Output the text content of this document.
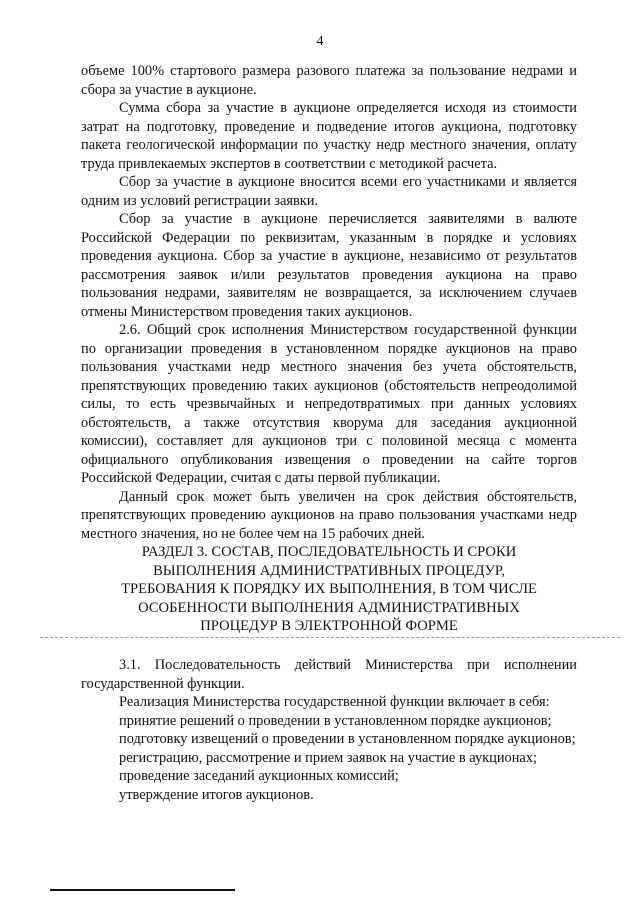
4

объеме 100% стартового размера разового платежа за пользование недрами и сбора за участие в аукционе.

Сумма сбора за участие в аукционе определяется исходя из стоимости затрат на подготовку, проведение и подведение итогов аукциона, подготовку пакета геологической информации по участку недр местного значения, оплату труда привлекаемых экспертов в соответствии с методикой расчета.

Сбор за участие в аукционе вносится всеми его участниками и является одним из условий регистрации заявки.

Сбор за участие в аукционе перечисляется заявителями в валюте Российской Федерации по реквизитам, указанным в порядке и условиях проведения аукциона. Сбор за участие в аукционе, независимо от результатов рассмотрения заявок и/или результатов проведения аукциона на право пользования недрами, заявителям не возвращается, за исключением случаев отмены Министерством проведения таких аукционов.

2.6. Общий срок исполнения Министерством государственной функции по организации проведения в установленном порядке аукционов на право пользования участками недр местного значения без учета обстоятельств, препятствующих проведению таких аукционов (обстоятельств непреодолимой силы, то есть чрезвычайных и непредотвратимых при данных условиях обстоятельств, а также отсутствия кворума для заседания аукционной комиссии), составляет для аукционов три с половиной месяца с момента официального опубликования извещения о проведении на сайте торгов Российской Федерации, считая с даты первой публикации.

Данный срок может быть увеличен на срок действия обстоятельств, препятствующих проведению аукционов на право пользования участками недр местного значения, но не более чем на 15 рабочих дней.

РАЗДЕЛ 3. СОСТАВ, ПОСЛЕДОВАТЕЛЬНОСТЬ И СРОКИ
ВЫПОЛНЕНИЯ АДМИНИСТРАТИВНЫХ ПРОЦЕДУР,
ТРЕБОВАНИЯ К ПОРЯДКУ ИХ ВЫПОЛНЕНИЯ, В ТОМ ЧИСЛЕ
ОСОБЕННОСТИ ВЫПОЛНЕНИЯ АДМИНИСТРАТИВНЫХ
ПРОЦЕДУР В ЭЛЕКТРОННОЙ ФОРМЕ

3.1. Последовательность действий Министерства при исполнении государственной функции.

Реализация Министерства государственной функции включает в себя:

принятие решений о проведении в установленном порядке аукционов;

подготовку извещений о проведении в установленном порядке аукционов;

регистрацию, рассмотрение и прием заявок на участие в аукционах;

проведение заседаний аукционных комиссий;

утверждение итогов аукционов.
